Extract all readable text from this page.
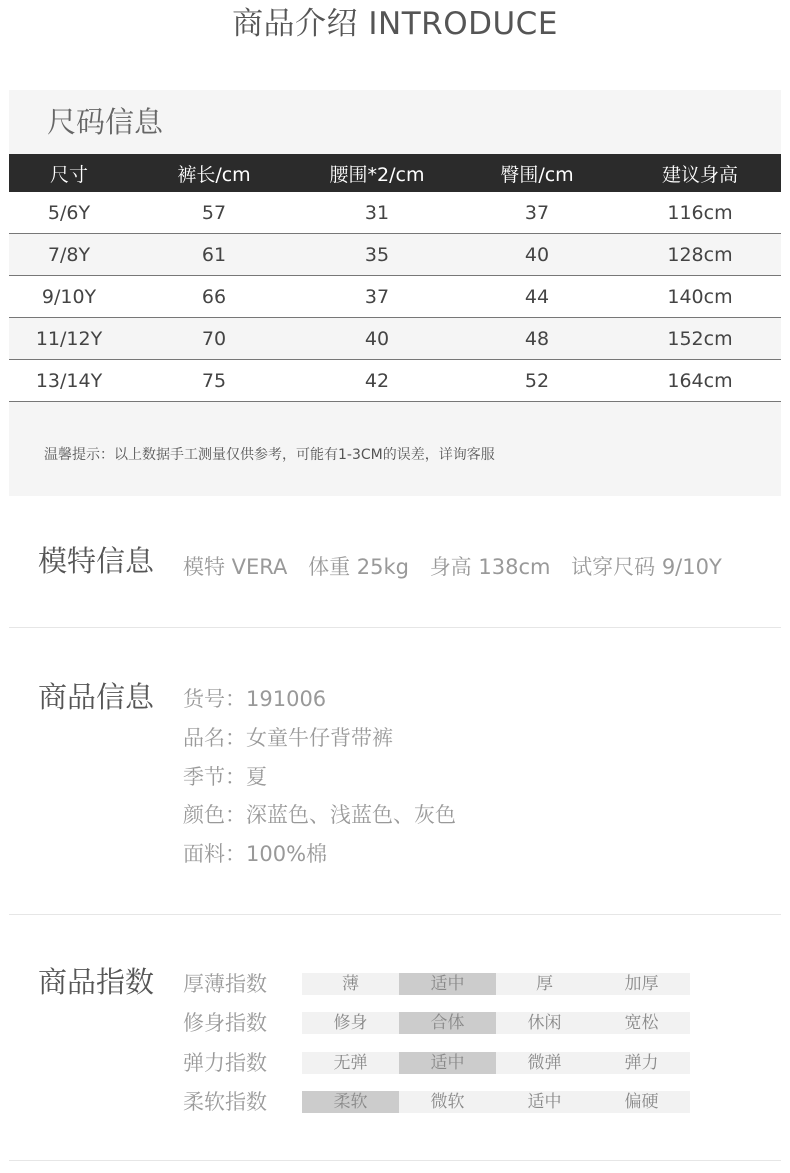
商品介绍 INTRODUCE
尺码信息
尺寸	裤长/cm	腰围*2/cm	臀围/cm	建议身高
5/6Y	57	31	37	116cm
7/8Y	61	35	40	128cm
9/10Y	66	37	44	140cm
11/12Y	70	40	48	152cm
13/14Y	75	42	52	164cm
温馨提示：以上数据手工测量仅供参考，可能有1-3CM的误差，详询客服
模特信息 模特 VERA 体重 25kg 身高 138cm 试穿尺码 9/10Y
商品信息 货号：191006
品名：女童牛仔背带裤
季节：夏
颜色：深蓝色、浅蓝色、灰色
面料：100%棉
商品指数 厚薄指数	薄	适中	厚	加厚
修身指数	修身	合体	休闲	宽松
弹力指数	无弹	适中	微弹	弹力
柔软指数	柔软	微软	适中	偏硬
